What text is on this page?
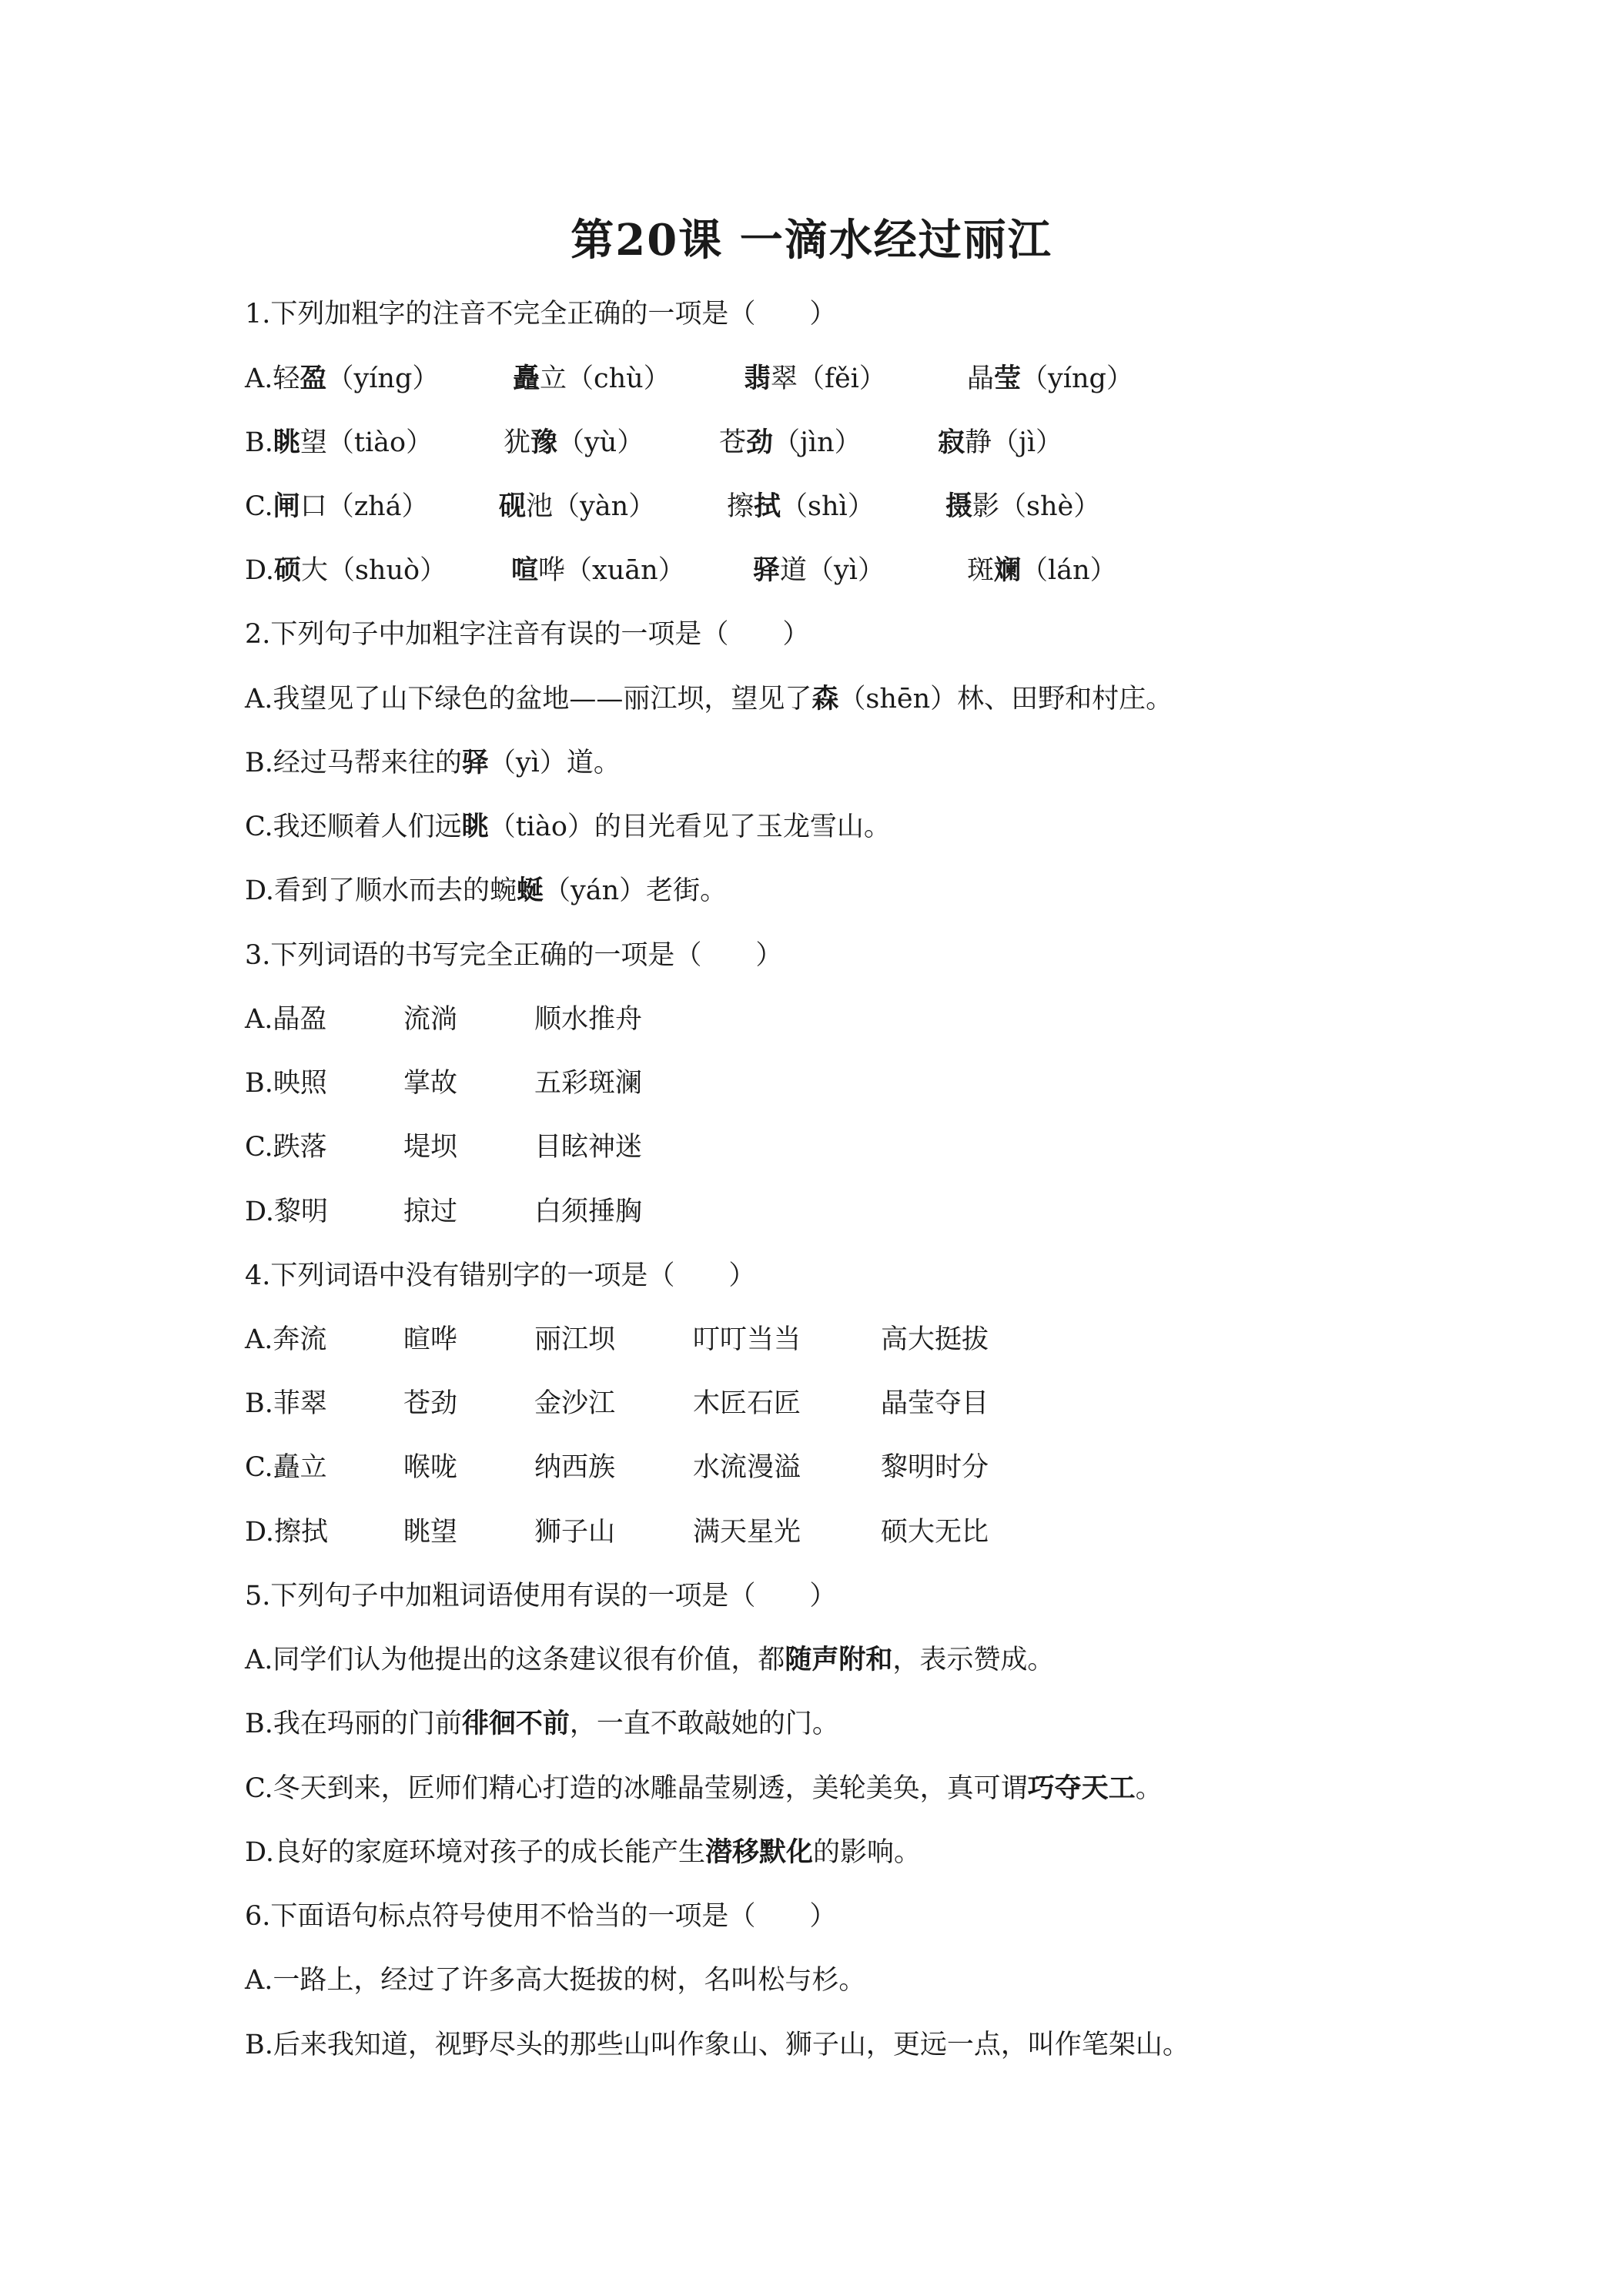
第20课 一滴水经过丽江
1.下列加粗字的注音不完全正确的一项是（　　）
A.轻盈（yíng）	矗立（chù）	翡翠（fěi）	晶莹（yíng）
B.眺望（tiào）	犹豫（yù）	苍劲（jìn）	寂静（jì）
C.闸口（zhá）	砚池（yàn）	擦拭（shì）	摄影（shè）
D.硕大（shuò） 喧哗（xuān）	驿道（yì）	斑斓（lán）
2.下列句子中加粗字注音有误的一项是（　　）
A.我望见了山下绿色的盆地——丽江坝，望见了森（shēn）林、田野和村庄。
B.经过马帮来往的驿（yì）道。
C.我还顺着人们远眺（tiào）的目光看见了玉龙雪山。
D.看到了顺水而去的蜿蜒（yán）老街。
3.下列词语的书写完全正确的一项是（　　）
A.晶盈	流淌	顺水推舟
B.映照	掌故	五彩斑澜
C.跌落	堤坝	目眩神迷
D.黎明	掠过	白须捶胸
4.下列词语中没有错别字的一项是（　　）
A.奔流	暄哗	丽江坝	叮叮当当	高大挺拔
B.菲翠	苍劲	金沙江	木匠石匠	晶莹夺目
C.矗立	喉咙	纳西族	水流漫溢	黎明时分
D.擦拭	眺望	狮子山	满天星光	硕大无比
5.下列句子中加粗词语使用有误的一项是（　　）
A.同学们认为他提出的这条建议很有价值，都随声附和，表示赞成。
B.我在玛丽的门前徘徊不前，一直不敢敲她的门。
C.冬天到来，匠师们精心打造的冰雕晶莹剔透，美轮美奂，真可谓巧夺天工。
D.良好的家庭环境对孩子的成长能产生潜移默化的影响。
6.下面语句标点符号使用不恰当的一项是（　　）
A.一路上，经过了许多高大挺拔的树，名叫松与杉。
B.后来我知道，视野尽头的那些山叫作象山、狮子山，更远一点，叫作笔架山。
